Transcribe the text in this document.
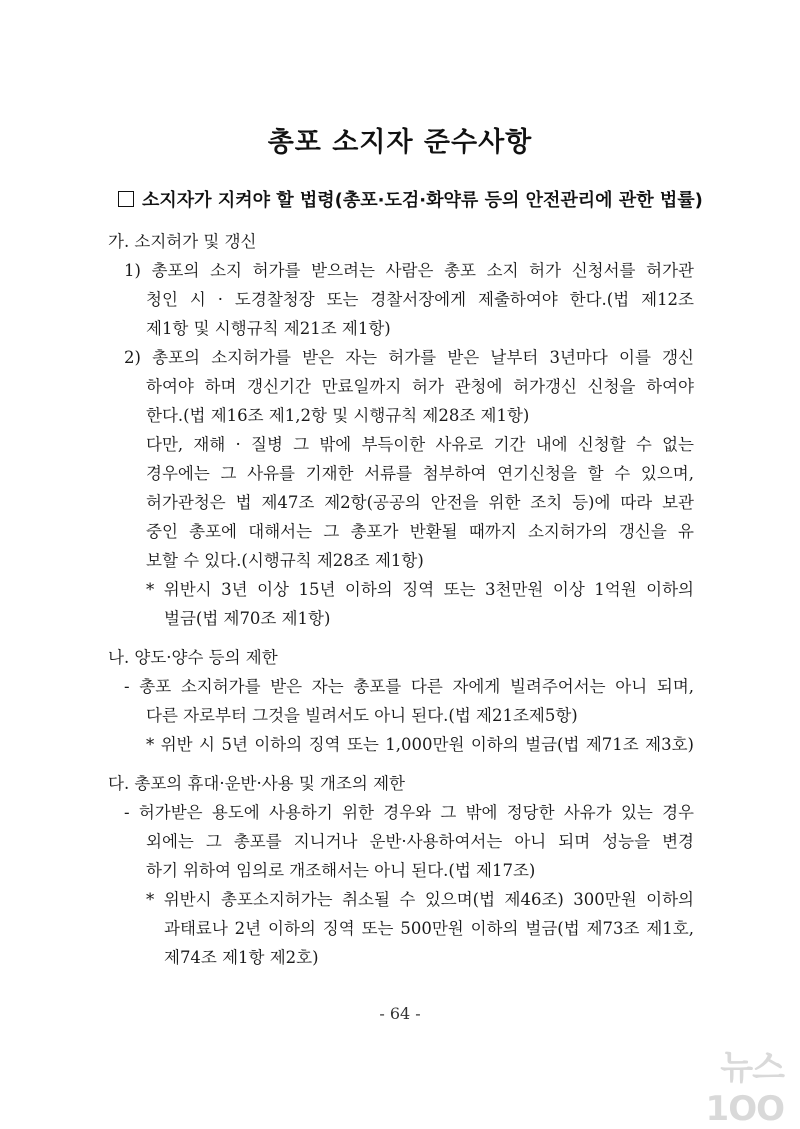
총포 소지자 준수사항
소지자가 지켜야 할 법령(총포·도검·화약류 등의 안전관리에 관한 법률)
가. 소지허가 및 갱신
1) 총포의 소지 허가를 받으려는 사람은 총포 소지 허가 신청서를 허가관
청인 시 · 도경찰청장 또는 경찰서장에게 제출하여야 한다.(법 제12조
제1항 및 시행규칙 제21조 제1항)
2) 총포의 소지허가를 받은 자는 허가를 받은 날부터 3년마다 이를 갱신
하여야 하며 갱신기간 만료일까지 허가 관청에 허가갱신 신청을 하여야
한다.(법 제16조 제1,2항 및 시행규칙 제28조 제1항)
다만, 재해 · 질병 그 밖에 부득이한 사유로 기간 내에 신청할 수 없는
경우에는 그 사유를 기재한 서류를 첨부하여 연기신청을 할 수 있으며,
허가관청은 법 제47조 제2항(공공의 안전을 위한 조치 등)에 따라 보관
중인 총포에 대해서는 그 총포가 반환될 때까지 소지허가의 갱신을 유
보할 수 있다.(시행규칙 제28조 제1항)
* 위반시 3년 이상 15년 이하의 징역 또는 3천만원 이상 1억원 이하의
벌금(법 제70조 제1항)
나. 양도·양수 등의 제한
- 총포 소지허가를 받은 자는 총포를 다른 자에게 빌려주어서는 아니 되며,
다른 자로부터 그것을 빌려서도 아니 된다.(법 제21조제5항)
* 위반 시 5년 이하의 징역 또는 1,000만원 이하의 벌금(법 제71조 제3호)
다. 총포의 휴대·운반·사용 및 개조의 제한
- 허가받은 용도에 사용하기 위한 경우와 그 밖에 정당한 사유가 있는 경우
외에는 그 총포를 지니거나 운반·사용하여서는 아니 되며 성능을 변경
하기 위하여 임의로 개조해서는 아니 된다.(법 제17조)
* 위반시 총포소지허가는 취소될 수 있으며(법 제46조) 300만원 이하의
과태료나 2년 이하의 징역 또는 500만원 이하의 벌금(법 제73조 제1호,
제74조 제1항 제2호)
- 64 -
뉴스1OO
